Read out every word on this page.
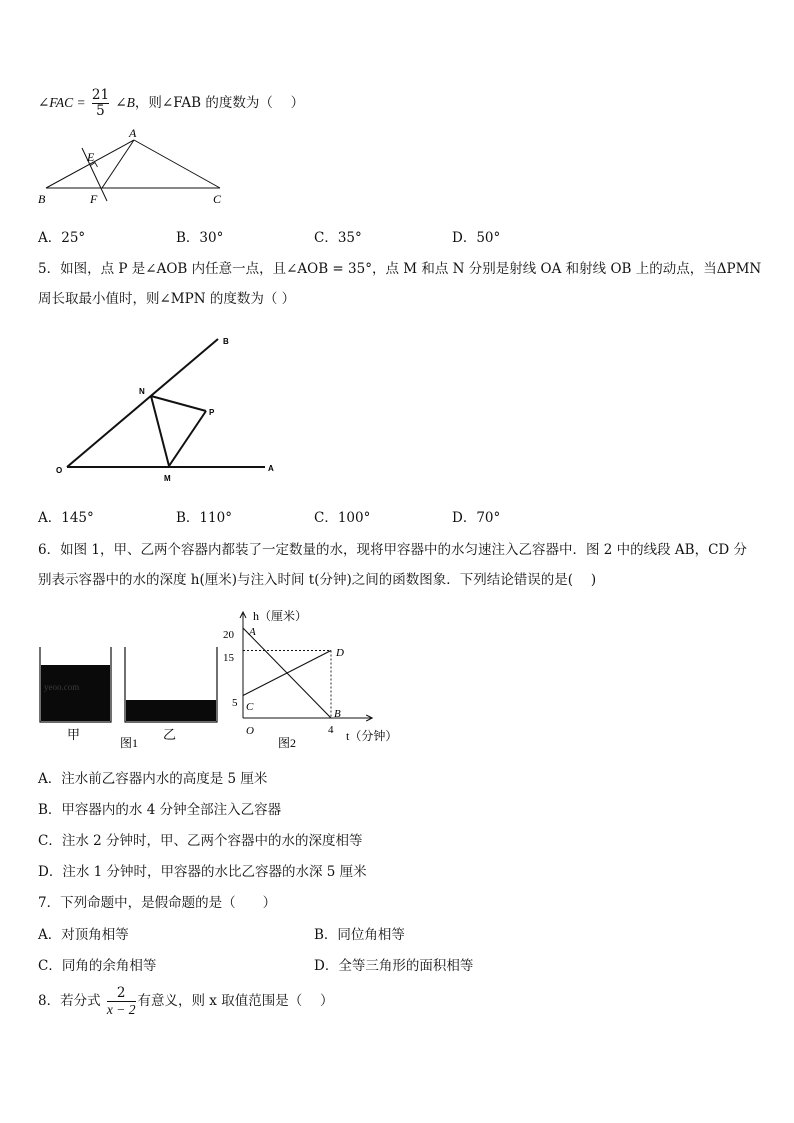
∠FAC = $\frac{21}{5}$ ∠B，则∠FAB 的度数为（　 ）
A
E
B	F	C
A．25°	B．30°	C．35°	D．50°
5．如图，点 P 是∠AOB 内任意一点，且∠AOB = 35°，点 M 和点 N 分别是射线 OA 和射线 OB 上的动点，当ΔPMN
周长取最小值时，则∠MPN 的度数为（ ）
B
N
P
O
M
A
A．145°	B．110°	C．100°	D．70°
6．如图 1，甲、乙两个容器内都装了一定数量的水，现将甲容器中的水匀速注入乙容器中．图 2 中的线段 AB，CD 分
别表示容器中的水的深度 h(厘米)与注入时间 t(分钟)之间的函数图象．下列结论错误的是(　 )
yeoo.com
甲
图1
乙
h（厘米）
t（分钟）
图2
O
20
15
5
4
A
B
C
D
A．注水前乙容器内水的高度是 5 厘米
B．甲容器内的水 4 分钟全部注入乙容器
C．注水 2 分钟时，甲、乙两个容器中的水的深度相等
D．注水 1 分钟时，甲容器的水比乙容器的水深 5 厘米
7．下列命题中，是假命题的是（　　）
A．对顶角相等	B．同位角相等
C．同角的余角相等	D．全等三角形的面积相等
8．若分式 $\frac{2}{x - 2}$ 有意义，则 x 取值范围是（　 ）
